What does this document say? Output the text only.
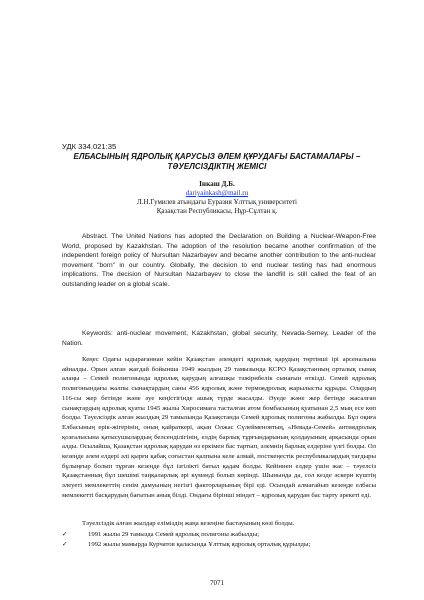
УДК 334.021:35
ЕЛБАСЫНЫҢ ЯДРОЛЫҚ ҚАРУСЫЗ ӘЛЕМ ҚҰРУДАҒЫ БАСТАМАЛАРЫ – ТӘУЕЛСІЗДІКТІҢ ЖЕМІСІ
Інкаш Д.Б.
dariyainkash@mail.ru
Л.Н.Гумилев атындағы Еуразия Ұлттық университеті
Қазақстан Республикасы, Нұр-Сұлтан қ.
Abstract. The United Nations has adopted the Declaration on Building a Nuclear-Weapon-Free World, proposed by Kazakhstan. The adoption of the resolution became another confirmation of the independent foreign policy of Nursultan Nazarbayev and became another contribution to the anti-nuclear movement "born" in our country. Globally, the decision to end nuclear testing has had enormous implications. The decision of Nursultan Nazarbayev to close the landfill is still called the feat of an outstanding leader on a global scale.
Keywords: anti-nuclear movement, Kazakhstan, global security, Nevada-Semey, Leader of the Nation.
Кеңес Одағы ыдырағаннан кейін Қазақстан әлемдегі ядролық қарудың төртінші ірі арсеналына айналды. Орын алған жағдай бойынша 1949 жылдың 29 тамызында КСРО Қазақстанның орталық сынақ алаңы – Семей полигонында ядролық қарудың алғашқы тәжірибелік сынағын өткізді. Семей ядролық полигонындағы жалпы сынақтардың саны 456 ядролық және термоядролық жарылысты құрады. Олардың 116-сы жер бетінде және әуе кеңістігінде ашық түрде жасалды. Әуеде және жер бетінде жасалған сынақтардың ядролық қуаты 1945 жылы Хиросимаға тасталған атом бомбасының қуатынан 2,5 мың есе көп болды. Тәуелсіздік алған жылдың 29 тамызында Қазақстанда Семей ядролық полигоны жабылды. Бұл оқиға Елбасының ерік-жігерінің, оның қайраткері, ақын Олжас Сүлейменовтың, «Невада-Семей» антиядролық қозғалысына қатысушылардың белсенділігінің, елдің барлық тұрғындарының қолдауының арқасында орын алды. Осылайша, Қазақстан ядролық қарудан өз еркімен бас тартып, әлемнің барлық елдеріне үлгі болды. Ол кезеңде әлем елдері әлі қырғи қабақ соғыстан қалпына келе алмай, посткеңестік республикалардың тағдыры бұлыңғыр болып тұрған кезеңде бұл ізгілікті батыл қадам болды. Кейіннен елдер үшін жас – тәуелсіз Қазақстанның бұл шешімі таңқаларлық әрі күмәнді болып көрінді. Шынында да, сол кезде әскери күштің әлеуеті мемлекеттің сенім дамуының негізгі факторларының бірі еді. Осындай алмағайып кезеңде елбасы мемлекетті басқарудың бағытын анық білді. Ондағы бірінші міндет – ядролық қарудан бас тарту әрекеті еді.
Тәуелсіздік алған жылдар еліміздің жаңа кезеңіне бастауының көзі болды.
✓	1991 жылы 29 тамызда Семей ядролық полигоны жабылды;
✓	1992 жылы мамырда Курчатов қаласында Ұлттық ядролық орталық құрылды;
7071
